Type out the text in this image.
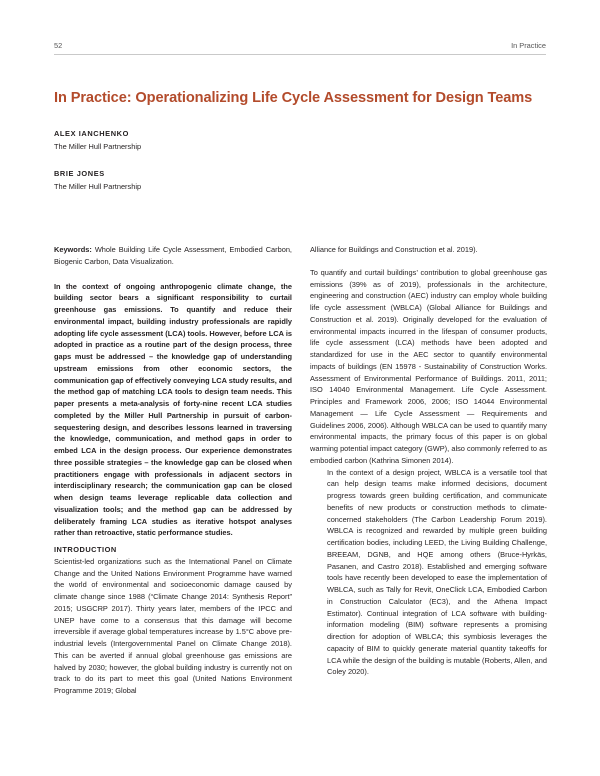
52	In Practice
In Practice: Operationalizing Life Cycle Assessment for Design Teams
ALEX IANCHENKO
The Miller Hull Partnership
BRIE JONES
The Miller Hull Partnership

Keywords: Whole Building Life Cycle Assessment, Embodied Carbon, Biogenic Carbon, Data Visualization.

In the context of ongoing anthropogenic climate change, the building sector bears a significant responsibility to curtail greenhouse gas emissions. To quantify and reduce their environmental impact, building industry professionals are rapidly adopting life cycle assessment (LCA) tools. However, before LCA is adopted in practice as a routine part of the design process, three gaps must be addressed – the knowledge gap of understanding upstream emissions from other economic sectors, the communication gap of effectively conveying LCA study results, and the method gap of matching LCA tools to design team needs. This paper presents a meta-analysis of forty-nine recent LCA studies completed by the Miller Hull Partnership in pursuit of carbon-sequestering design, and describes lessons learned in traversing the knowledge, communication, and method gaps in order to embed LCA in the design process. Our experience demonstrates three possible strategies – the knowledge gap can be closed when practitioners engage with professionals in adjacent sectors in interdisciplinary research; the communication gap can be closed when design teams leverage replicable data collection and visualization tools; and the method gap can be addressed by deliberately framing LCA studies as iterative hotspot analyses rather than retroactive, static performance studies.

INTRODUCTION

Scientist-led organizations such as the International Panel on Climate Change and the United Nations Environment Programme have warned the world of environmental and socioeconomic damage caused by climate change since 1988 (“Climate Change 2014: Synthesis Report” 2015; USGCRP 2017). Thirty years later, members of the IPCC and UNEP have come to a consensus that this damage will become irreversible if average global temperatures increase by 1.5°C above pre-industrial levels (Intergovernmental Panel on Climate Change 2018). This can be averted if annual global greenhouse gas emissions are halved by 2030; however, the global building industry is currently not on track to do its part to meet this goal (United Nations Environment Programme 2019; Global

Alliance for Buildings and Construction et al. 2019).

To quantify and curtail buildings’ contribution to global greenhouse gas emissions (39% as of 2019), professionals in the architecture, engineering and construction (AEC) industry can employ whole building life cycle assessment (WBLCA) (Global Alliance for Buildings and Construction et al. 2019). Originally developed for the evaluation of environmental impacts incurred in the lifespan of consumer products, life cycle assessment (LCA) methods have been adopted and standardized for use in the AEC sector to quantify environmental impacts of buildings (EN 15978 - Sustainability of Construction Works. Assessment of Environmental Performance of Buildings. 2011, 2011; ISO 14040 Environmental Management. Life Cycle Assessment. Principles and Framework 2006, 2006; ISO 14044 Environmental Management — Life Cycle Assessment — Requirements and Guidelines 2006, 2006). Although WBLCA can be used to quantify many environmental impacts, the primary focus of this paper is on global warming potential impact category (GWP), also commonly referred to as embodied carbon (Kathrina Simonen 2014).

In the context of a design project, WBLCA is a versatile tool that can help design teams make informed decisions, document progress towards green building certification, and communicate benefits of new products or construction methods to climate-concerned stakeholders (The Carbon Leadership Forum 2019). WBLCA is recognized and rewarded by multiple green building certification bodies, including LEED, the Living Building Challenge, BREEAM, DGNB, and HQE among others (Bruce-Hyrkäs, Pasanen, and Castro 2018). Established and emerging software tools have recently been developed to ease the implementation of WBLCA, such as Tally for Revit, OneClick LCA, Embodied Carbon in Construction Calculator (EC3), and the Athena Impact Estimator). Continual integration of LCA software with building-information modeling (BIM) software represents a promising direction for adoption of WBLCA; this symbiosis leverages the capacity of BIM to quickly generate material quantity takeoffs for LCA while the design of the building is mutable (Roberts, Allen, and Coley 2020).
